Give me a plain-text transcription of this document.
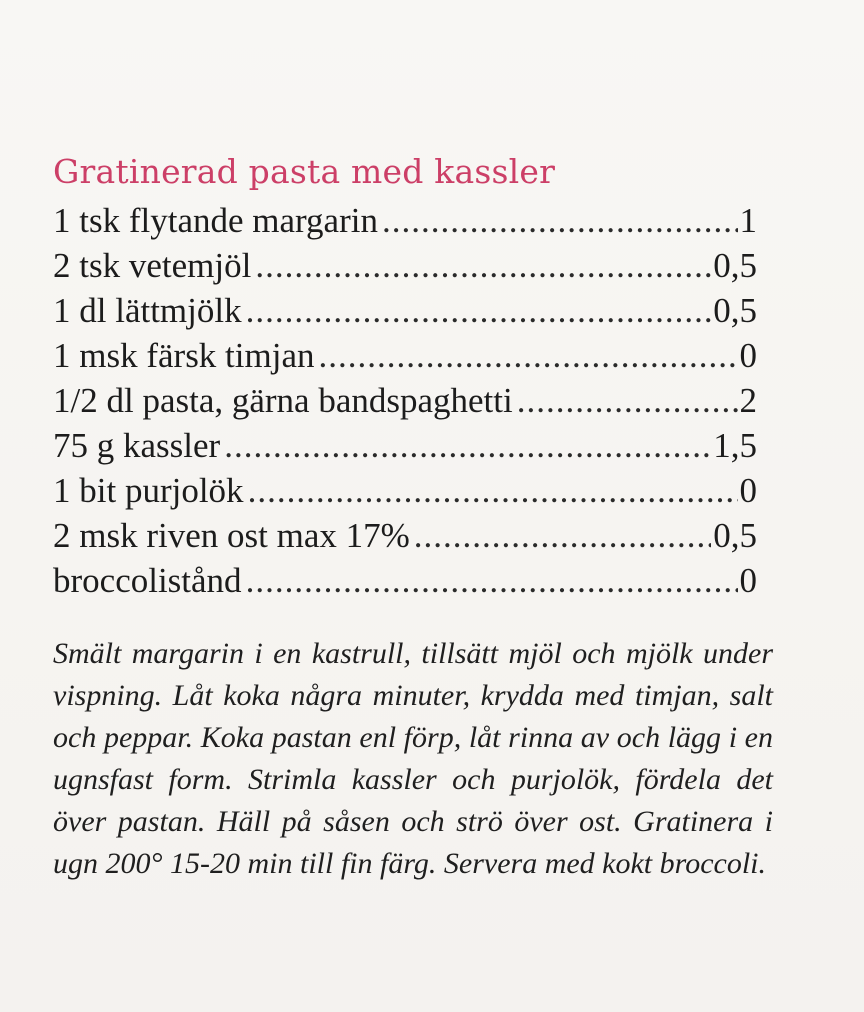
Gratinerad pasta med kassler
1 tsk flytande margarin .....	1
2 tsk vetemjöl .....	0,5
1 dl lättmjölk .....	0,5
1 msk färsk timjan .....	0
1/2 dl pasta, gärna bandspaghetti .....	2
75 g kassler .....	1,5
1 bit purjolök .....	0
2 msk riven ost max 17% .....	0,5
broccolistånd .....	0

Smält margarin i en kastrull, tillsätt mjöl och mjölk under vispning. Låt koka några minuter, krydda med timjan, salt och peppar. Koka pastan enl förp, låt rinna av och lägg i en ugnsfast form. Strimla kassler och purjolök, fördela det över pastan. Häll på såsen och strö över ost. Gratinera i ugn 200° 15-20 min till fin färg. Servera med kokt broccoli.
